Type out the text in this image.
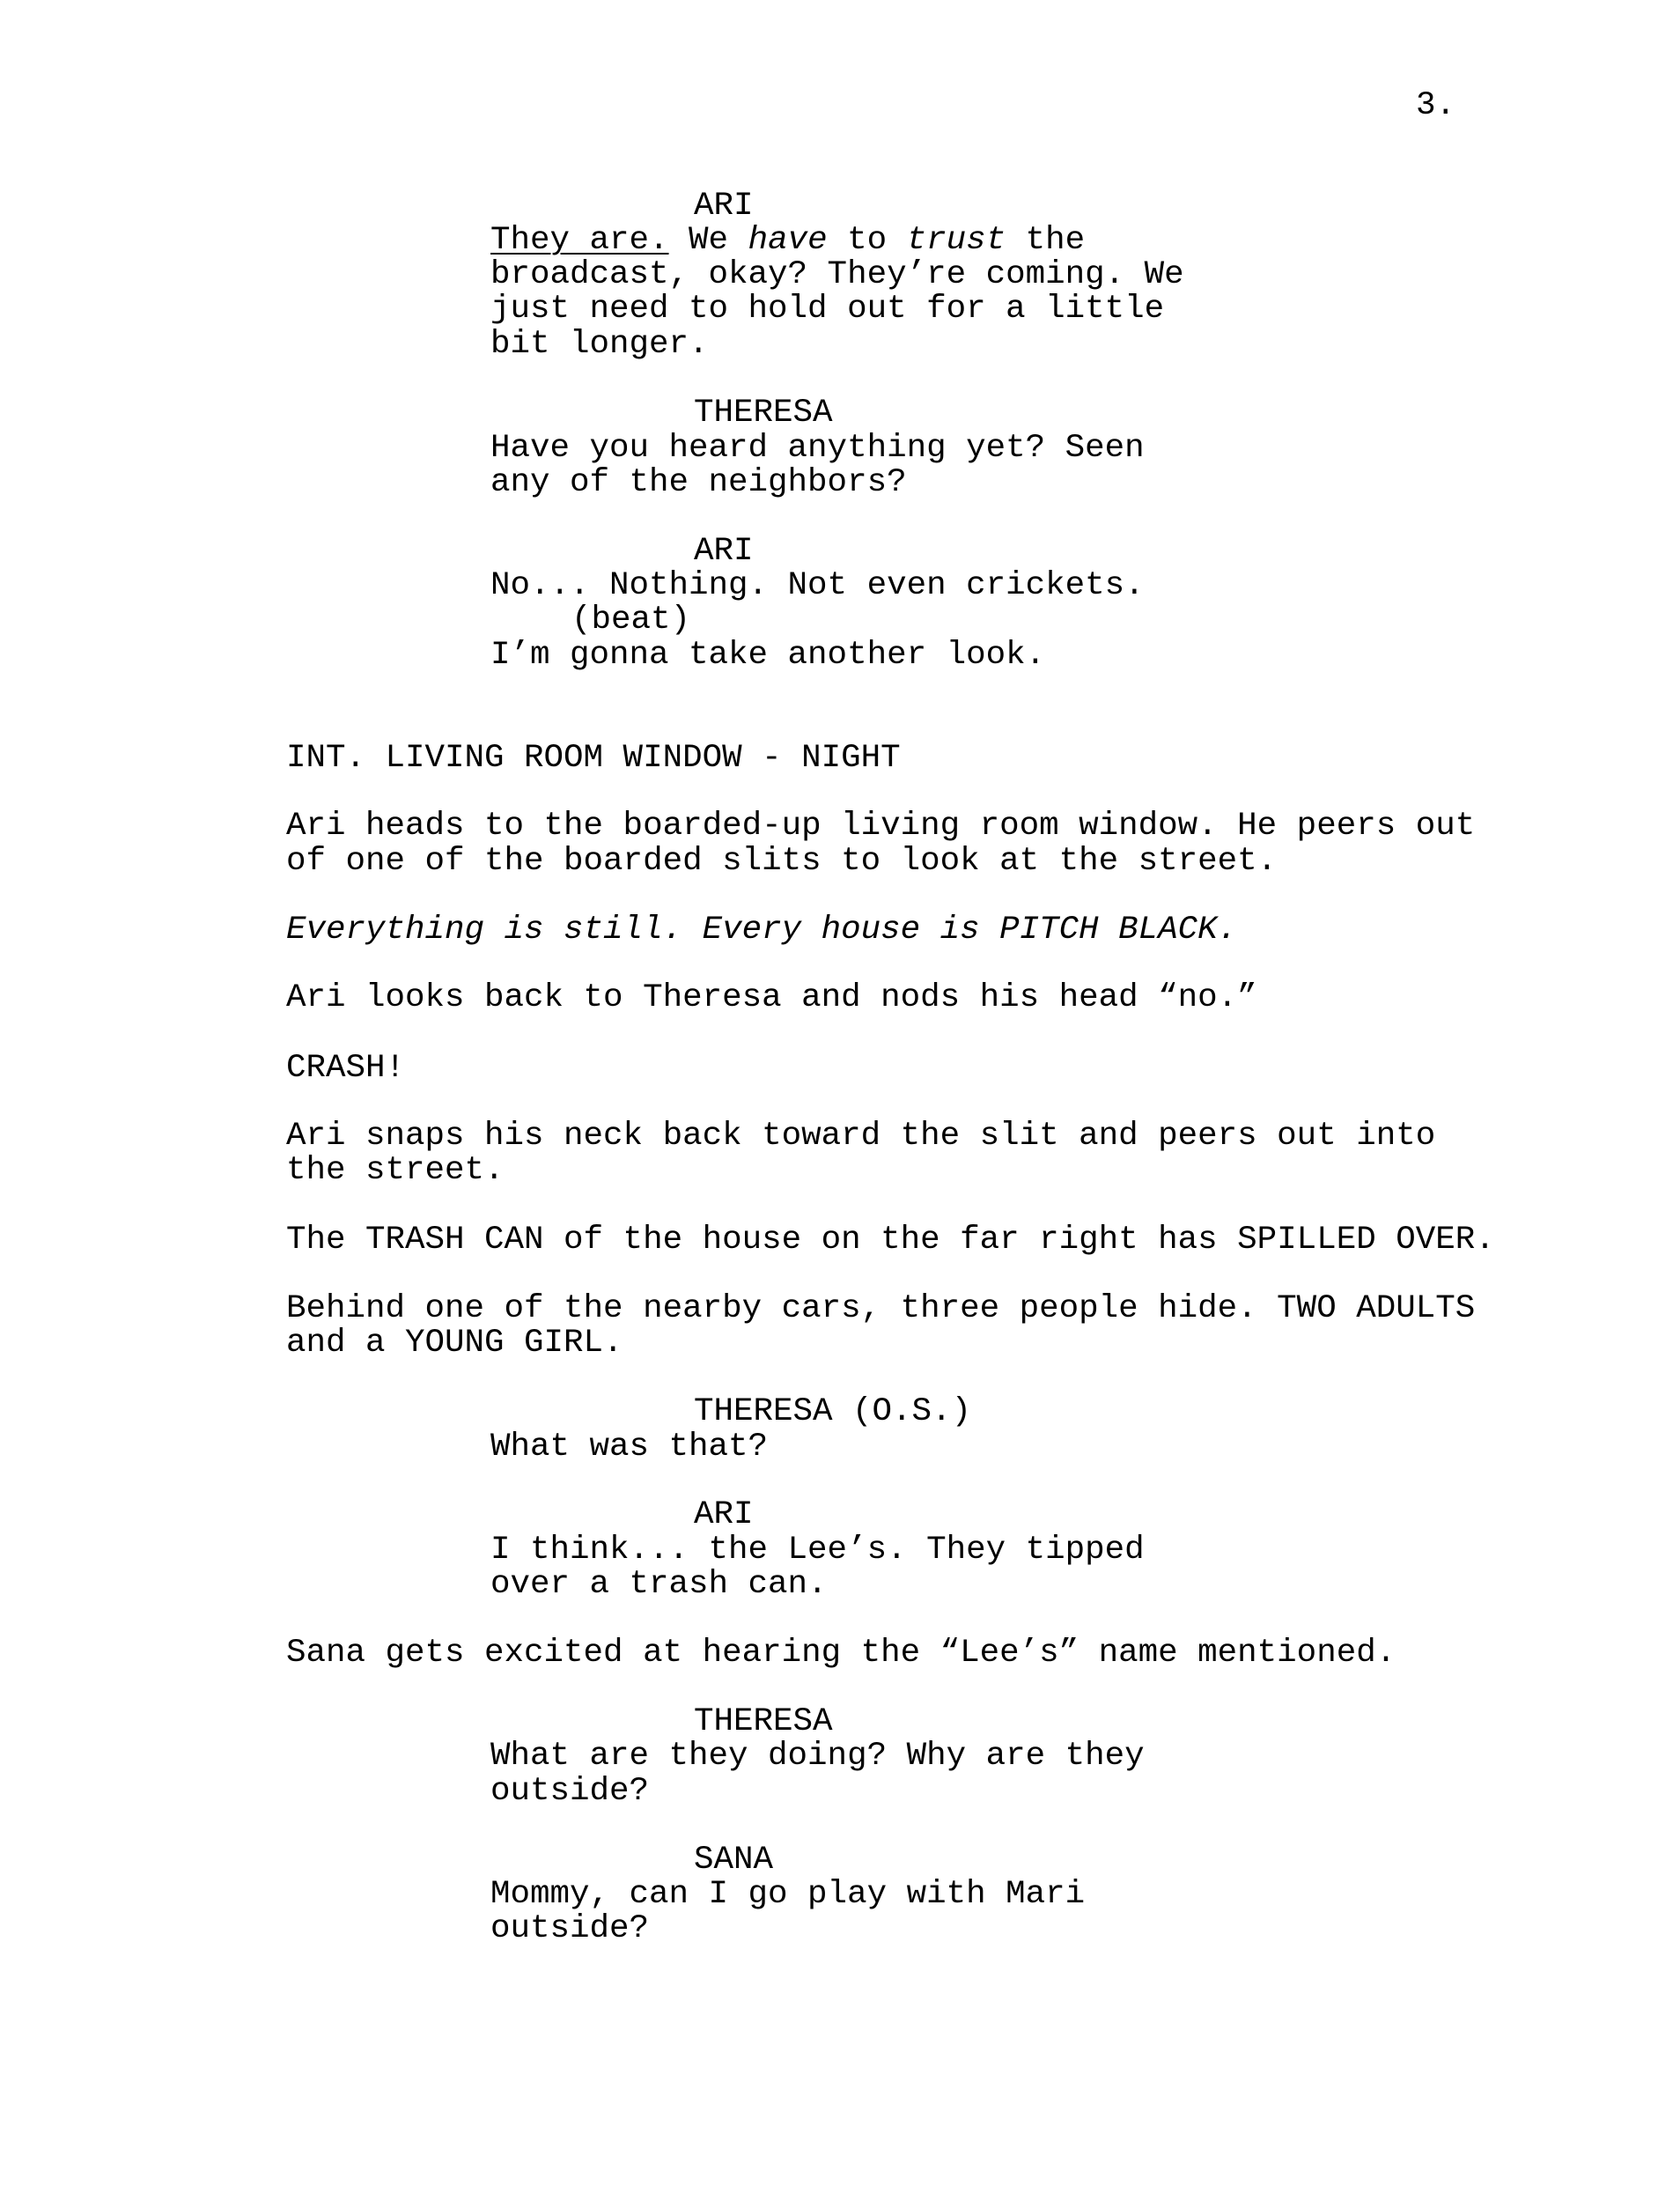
3.
ARI
They are. We have to trust the
broadcast, okay? They’re coming. We
just need to hold out for a little
bit longer.
THERESA
Have you heard anything yet? Seen
any of the neighbors?
ARI
No... Nothing. Not even crickets.
(beat)
I’m gonna take another look.
INT. LIVING ROOM WINDOW - NIGHT
Ari heads to the boarded-up living room window. He peers out
of one of the boarded slits to look at the street.
Everything is still. Every house is PITCH BLACK.
Ari looks back to Theresa and nods his head “no.”
CRASH!
Ari snaps his neck back toward the slit and peers out into
the street.
The TRASH CAN of the house on the far right has SPILLED OVER.
Behind one of the nearby cars, three people hide. TWO ADULTS
and a YOUNG GIRL.
THERESA (O.S.)
What was that?
ARI
I think... the Lee’s. They tipped
over a trash can.
Sana gets excited at hearing the “Lee’s” name mentioned.
THERESA
What are they doing? Why are they
outside?
SANA
Mommy, can I go play with Mari
outside?
